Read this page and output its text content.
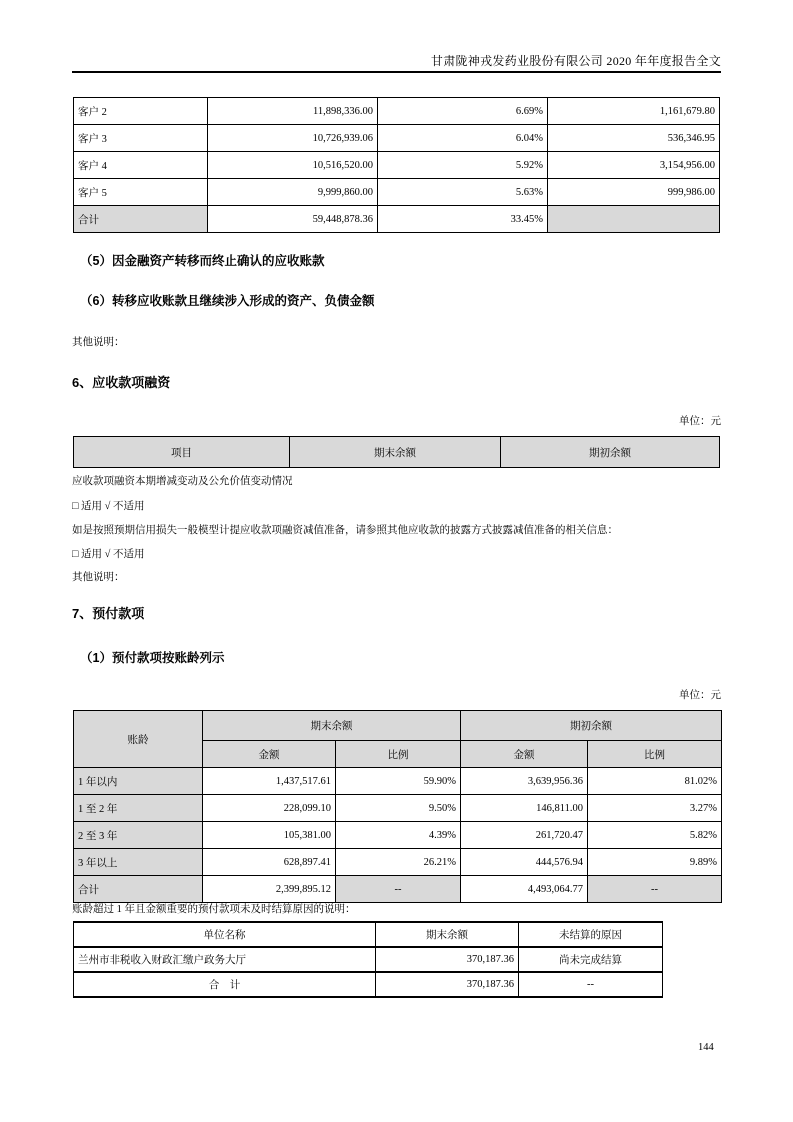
甘肃陇神戎发药业股份有限公司 2020 年年度报告全文
客户 2	11,898,336.00	6.69%	1,161,679.80
客户 3	10,726,939.06	6.04%	536,346.95
客户 4	10,516,520.00	5.92%	3,154,956.00
客户 5	9,999,860.00	5.63%	999,986.00
合计	59,448,878.36	33.45%	
（5）因金融资产转移而终止确认的应收账款
（6）转移应收账款且继续涉入形成的资产、负债金额
其他说明：
6、应收款项融资
单位：元
项目	期末余额	期初余额
应收款项融资本期增减变动及公允价值变动情况
□ 适用 √ 不适用
如是按照预期信用损失一般模型计提应收款项融资减值准备，请参照其他应收款的披露方式披露减值准备的相关信息：
□ 适用 √ 不适用
其他说明：
7、预付款项
（1）预付款项按账龄列示
单位：元
账龄	期末余额		期初余额	
	金额	比例	金额	比例
1 年以内	1,437,517.61	59.90%	3,639,956.36	81.02%
1 至 2 年	228,099.10	9.50%	146,811.00	3.27%
2 至 3 年	105,381.00	4.39%	261,720.47	5.82%
3 年以上	628,897.41	26.21%	444,576.94	9.89%
合计	2,399,895.12	--	4,493,064.77	--
账龄超过 1 年且金额重要的预付款项未及时结算原因的说明：
单位名称	期末余额	未结算的原因
兰州市非税收入财政汇缴户政务大厅	370,187.36	尚未完成结算
合　计	370,187.36	--
144
